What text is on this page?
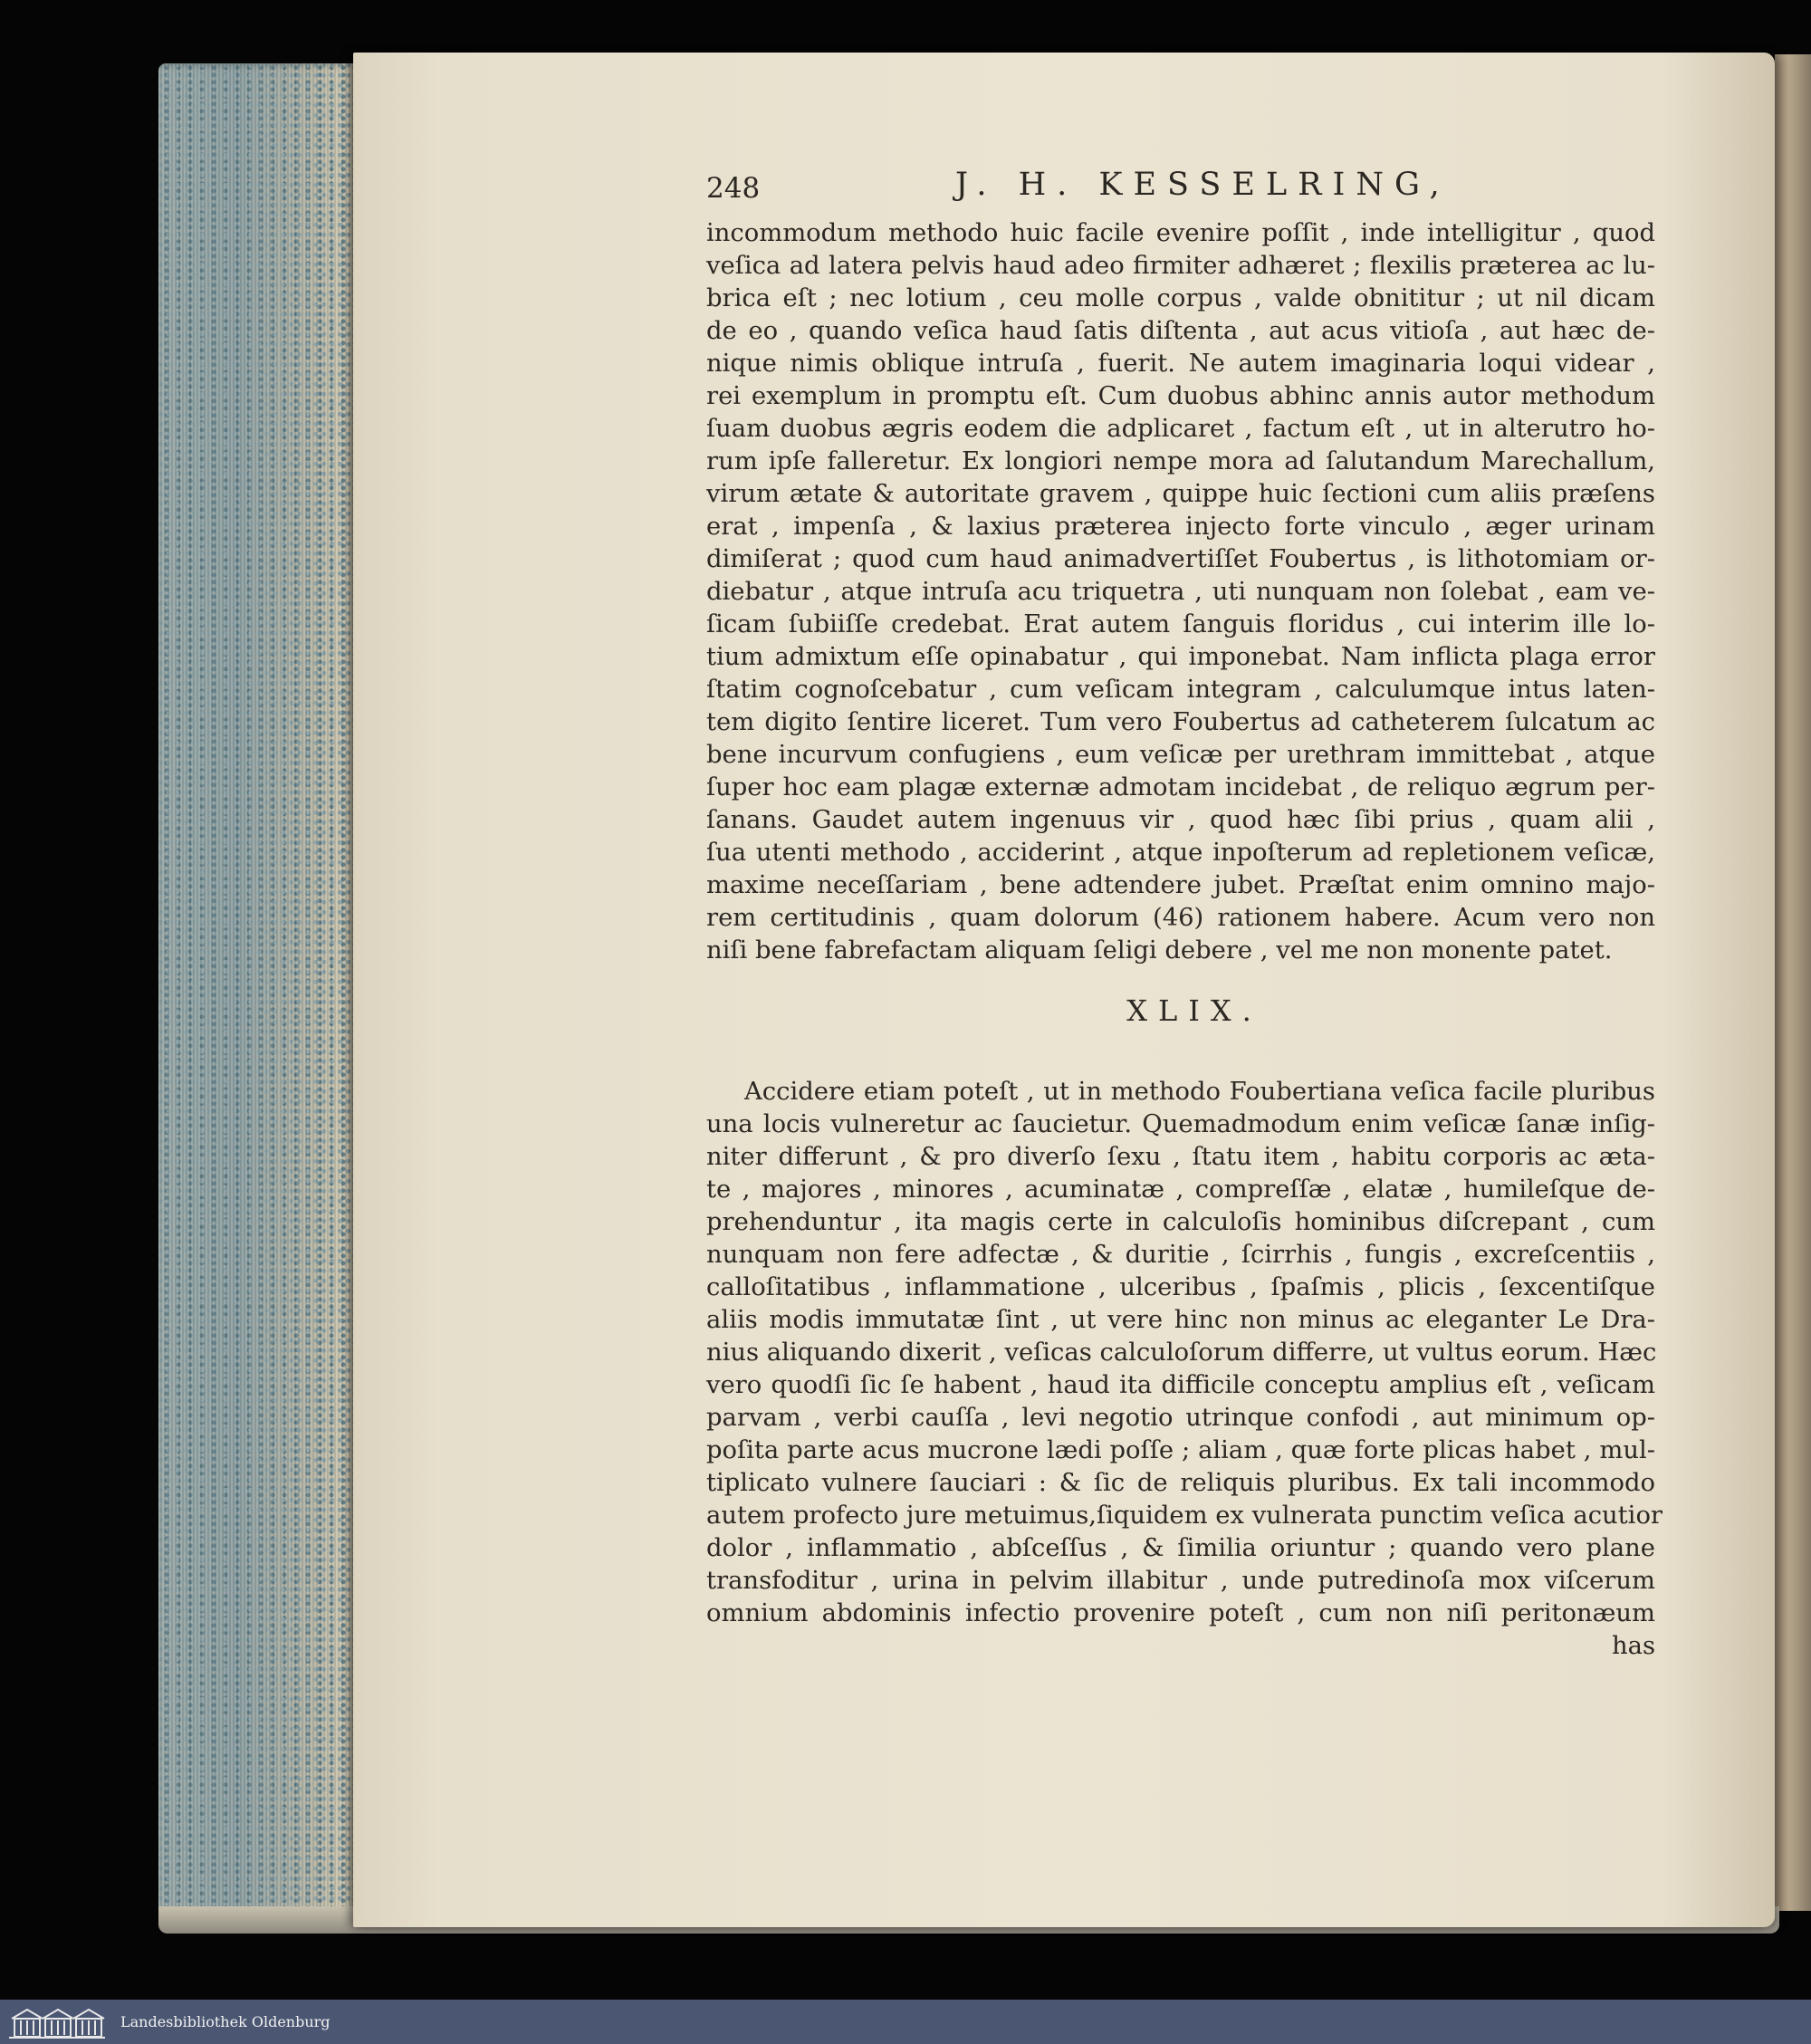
248	J. H. KESSELRING,
incommodum methodo huic facile evenire poſſit , inde intelligitur , quod
veſica ad latera pelvis haud adeo firmiter adhæret ; flexilis præterea ac lu-
brica eſt ; nec lotium , ceu molle corpus , valde obnititur ; ut nil dicam
de eo , quando veſica haud ſatis diſtenta , aut acus vitioſa , aut hæc de-
nique nimis oblique intruſa , fuerit. Ne autem imaginaria loqui videar ,
rei exemplum in promptu eſt. Cum duobus abhinc annis autor methodum
ſuam duobus ægris eodem die adplicaret , factum eſt , ut in alterutro ho-
rum ipſe falleretur. Ex longiori nempe mora ad ſalutandum Marechallum,
virum ætate & autoritate gravem , quippe huic ſectioni cum aliis præſens
erat , impenſa , & laxius præterea injecto forte vinculo , æger urinam
dimiſerat ; quod cum haud animadvertiſſet Foubertus , is lithotomiam or-
diebatur , atque intruſa acu triquetra , uti nunquam non ſolebat , eam ve-
ſicam ſubiiſſe credebat. Erat autem ſanguis floridus , cui interim ille lo-
tium admixtum eſſe opinabatur , qui imponebat. Nam inflicta plaga error
ſtatim cognoſcebatur , cum veſicam integram , calculumque intus laten-
tem digito ſentire liceret. Tum vero Foubertus ad catheterem ſulcatum ac
bene incurvum confugiens , eum veſicæ per urethram immittebat , atque
ſuper hoc eam plagæ externæ admotam incidebat , de reliquo ægrum per-
ſanans. Gaudet autem ingenuus vir , quod hæc ſibi prius , quam alii ,
ſua utenti methodo , acciderint , atque inpoſterum ad repletionem veſicæ,
maxime neceſſariam , bene adtendere jubet. Præſtat enim omnino majo-
rem certitudinis , quam dolorum (46) rationem habere. Acum vero non
niſi bene fabrefactam aliquam ſeligi debere , vel me non monente patet.
XLIX.
Accidere etiam poteſt , ut in methodo Foubertiana veſica facile pluribus
una locis vulneretur ac ſaucietur. Quemadmodum enim veſicæ ſanæ inſig-
niter differunt , & pro diverſo ſexu , ſtatu item , habitu corporis ac æta-
te , majores , minores , acuminatæ , compreſſæ , elatæ , humileſque de-
prehenduntur , ita magis certe in calculoſis hominibus diſcrepant , cum
nunquam non fere adfectæ , & duritie , ſcirrhis , fungis , excreſcentiis ,
calloſitatibus , inflammatione , ulceribus , ſpaſmis , plicis , ſexcentiſque
aliis modis immutatæ ſint , ut vere hinc non minus ac eleganter Le Dra-
nius aliquando dixerit , veſicas calculoſorum differre, ut vultus eorum. Hæc
vero quodſi ſic ſe habent , haud ita difficile conceptu amplius eſt , veſicam
parvam , verbi cauſſa , levi negotio utrinque confodi , aut minimum op-
poſita parte acus mucrone lædi poſſe ; aliam , quæ forte plicas habet , mul-
tiplicato vulnere ſauciari : & ſic de reliquis pluribus. Ex tali incommodo
autem profecto jure metuimus,ſiquidem ex vulnerata punctim veſica acutior
dolor , inflammatio , abſceſſus , & ſimilia oriuntur ; quando vero plane
transfoditur , urina in pelvim illabitur , unde putredinoſa mox viſcerum
omnium abdominis infectio provenire poteſt , cum non niſi peritonæum
has
Landesbibliothek Oldenburg
